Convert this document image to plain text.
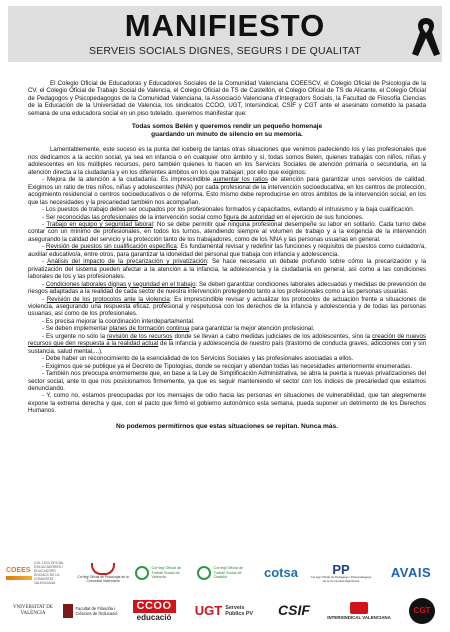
MANIFIESTO
SERVEIS SOCIALS DIGNES, SEGURS I DE QUALITAT

El Colegio Oficial de Educadoras y Educadores Sociales de la Comunidad Valenciana COEESCV, el Colegio Oficial de Psicología de la CV, el Colegio Oficial de Trabajo Social de Valencia, el Colegio Oficial de TS de Castellón, el Colegio Oficial de TS de Alicante, el Colegio Oficial de Pedagogos y Psicopedagogos de la Comunidad Valenciana, la Associació Valenciana d'Integradors Socials, la Facultad de Filosofía Ciencias de la Educación de la Universidad de Valencia, los sindicatos CCOO, UGT, Intersindical, CSIF y CGT ante el asesinato cometido la pasada semana de una educadora social en un piso tutelado, queremos manifestar que:

Todas somos Belén y queremos rendir un pequeño homenaje
guardando un minuto de silencio en su memoria.

Lamentablemente, este suceso es la punta del iceberg de tantas otras situaciones que venimos padeciendo los y las profesionales que nos dedicamos a la acción social, ya sea en infancia o en cualquier otro ámbito y sí, todas somos Belén, quienes trabajáis con niños, niñas y adolescentes en los múltiples recursos, pero también quienes lo hacen en los Servicios Sociales de atención primaria o secundaria, en la atención directa a la ciudadanía y en los diferentes ámbitos en los que trabajan; por ello que exigimos:

- Mejora de la atención a la ciudadanía: Es imprescindible aumentar los ratios de atención para garantizar unos servicios de calidad. Exigimos un ratio de tres niños, niñas y adolescentes (NNA) por cada profesional de la intervención socioeducativa, en los centros de protección, acogimiento residencial o centros socioeducativos o de reforma. Esto mismo debe reproducirse en otros ámbitos de la intervención social, en los que las necesidades y la precariedad también nos acompañan.

- Los puestos de trabajo deben ser ocupados por los profesionales formados y capacitados, evitando el intrusismo y la baja cualificación.

- Ser reconocidas las profesionales de la intervención social como figura de autoridad en el ejercicio de sus funciones.

- Trabajo en equipo y seguridad laboral: No se debe permitir que ninguna profesional desempeñe su labor en solitario. Cada turno debe contar con un mínimo de profesionales, en todos los turnos, atendiendo siempre al volumen de trabajo y a la exigencia de la intervención asegurando la calidad del servicio y la protección tanto de los trabajadores, como de los NNA y las personas usuarias en general.

- Revisión de puestos sin cualificación específica: Es fundamental revisar y redefinir las funciones y requisitos de puestos como cuidador/a, auxiliar educativo/a, entre otros, para garantizar la idoneidad del personal que trabaja con infancia y adolescencia.

- Análisis del impacto de la precarización y privatización: Se hace necesario un debate profundo sobre cómo la precarización y la privatización del sistema pueden afectar a la atención a la infancia, la adolescencia y la ciudadanía en general, así como a las condiciones laborales de los y las profesionales.

- Condiciones laborales dignas y seguridad en el trabajo: Se deben garantizar condiciones laborales adecuadas y medidas de prevención de riesgos adaptadas a la realidad de cada sector de nuestra intervención protegiendo tanto a los profesionales como a las personas usuarias.

- Revisión de los protocolos ante la violencia: Es imprescindible revisar y actualizar los protocolos de actuación frente a situaciones de violencia, asegurando una respuesta eficaz, profesional y respetuosa con los derechos de la infancia y adolescencia y de todas las personas usuarias, así como de los profesionales.

- Es precisa mejorar la coordinación interdepartamental.

- Se deben implementar planes de formación continua para garantizar la mejor atención profesional.

- Es urgente no sólo la revisión de los recursos donde se llevan a cabo medidas judiciales de los adolescentes, sino la creación de nuevos recursos que den respuesta a la realidad actual de la infancia y adolescencia de nuestro país (trastorno de conducta graves, adicciones con y sin sustancia, salud mental,...).

- Debe haber un reconocimiento de la esencialidad de los Servicios Sociales y las profesionales asociadas a ellos.

- Exigimos que se publique ya el Decreto de Tipologías, donde se recojan y atiendan todas las necesidades anteriormente enumeradas.

- También nos preocupa enormemente que, en base a la Ley de Simplificación Administrativa, se abra la puerta a nuevas privatizaciones del sector social, ante lo que nos posicionamos firmemente, ya que es seguir manteniendo el sector con los índices de precariedad que estamos denunciando.

- Y, como no, estamos preocupadas por los mensajes de odio hacia las personas en situaciones de vulnerabilidad, que tan alegremente expone la extrema derecha y que, con el pacto que firmó el gobierno autonómico esta semana, pueda suponer un detrimento de los Derechos Humanos.

No podemos permitirnos que estas situaciones se repitan. Nunca más.

COEES
COL·LEGI OFICIAL D'EDUCADORES I EDUCADORS SOCIALS DE LA COMUNITAT VALENCIANA
Col·legi Oficial de Psicologia de la Comunitat Valenciana
Col·legi Oficial de Treball Social de València
Col·legi Oficial de Treball Social de Castelló	cotsa	PP
Col·legi Oficial de Pedagogs i Psicopedagogs de la Comunitat Valenciana
AVAIS
VNIVERSITAT DE VALÈNCIA
Facultat de Filosofia i Ciències de l'Educació
CCOO
educació UGT Serveis Públics PV CSIF	INTERSINDICAL VALENCIANA
CGT
